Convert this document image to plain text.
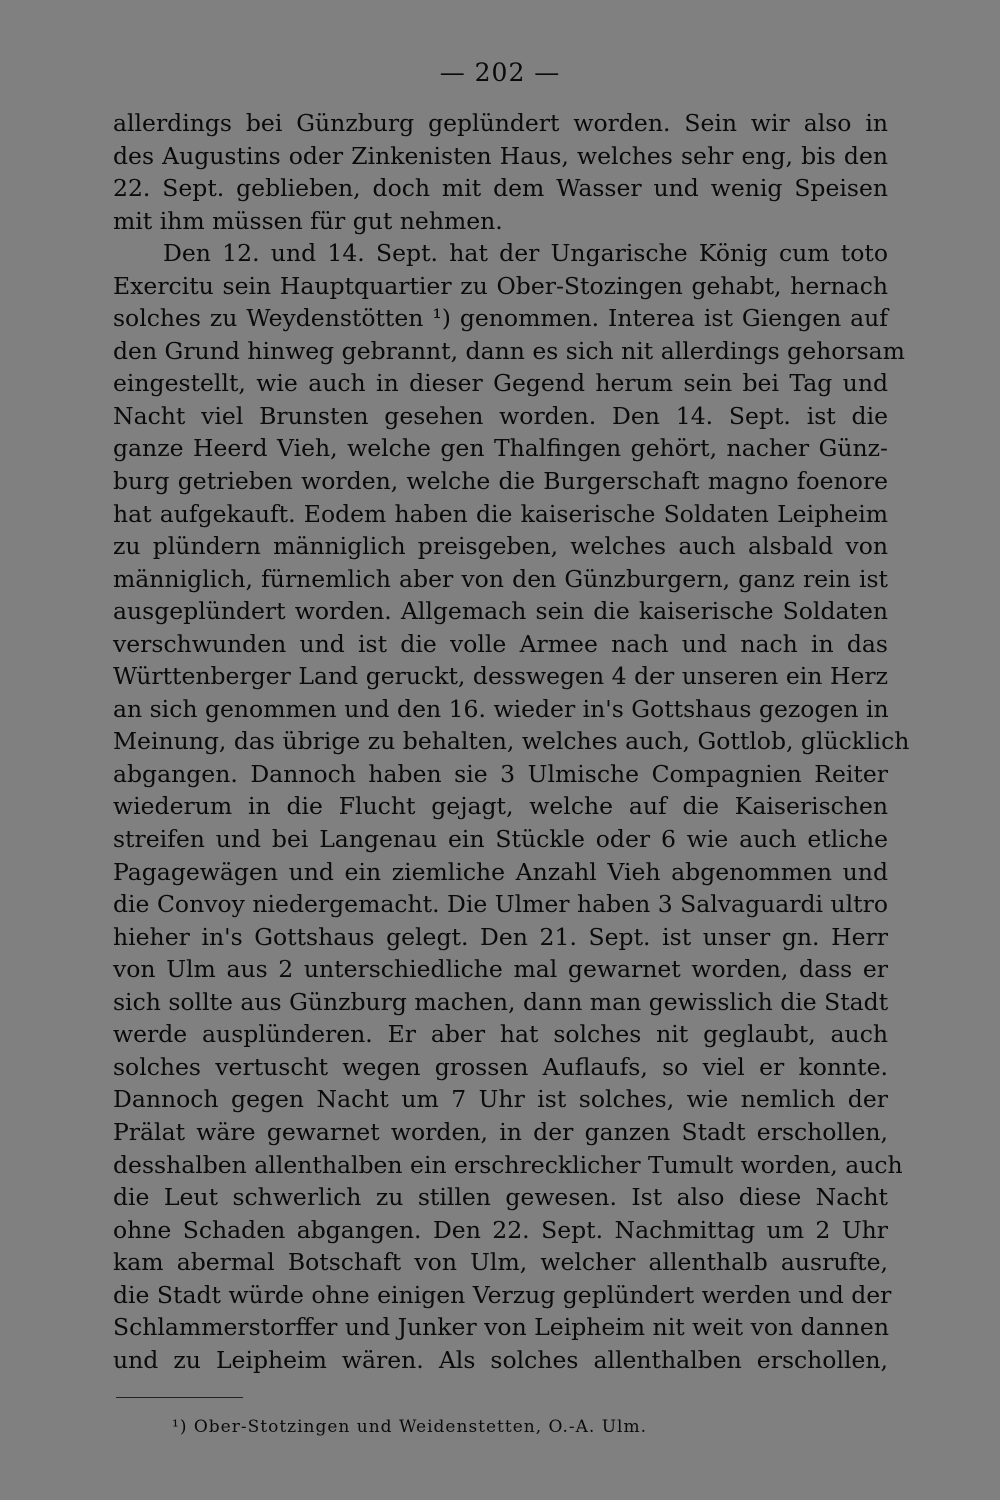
— 202 —
allerdings bei Günzburg geplündert worden. Sein wir also in
des Augustins oder Zinkenisten Haus, welches sehr eng, bis den
22. Sept. geblieben, doch mit dem Wasser und wenig Speisen
mit ihm müssen für gut nehmen.
Den 12. und 14. Sept. hat der Ungarische König cum toto
Exercitu sein Hauptquartier zu Ober-Stozingen gehabt, hernach
solches zu Weydenstötten ¹) genommen. Interea ist Giengen auf
den Grund hinweg gebrannt, dann es sich nit allerdings gehorsam
eingestellt, wie auch in dieser Gegend herum sein bei Tag und
Nacht viel Brunsten gesehen worden. Den 14. Sept. ist die
ganze Heerd Vieh, welche gen Thalfingen gehört, nacher Günz-
burg getrieben worden, welche die Burgerschaft magno foenore
hat aufgekauft. Eodem haben die kaiserische Soldaten Leipheim
zu plündern männiglich preisgeben, welches auch alsbald von
männiglich, fürnemlich aber von den Günzburgern, ganz rein ist
ausgeplündert worden. Allgemach sein die kaiserische Soldaten
verschwunden und ist die volle Armee nach und nach in das
Württenberger Land geruckt, desswegen 4 der unseren ein Herz
an sich genommen und den 16. wieder in's Gottshaus gezogen in
Meinung, das übrige zu behalten, welches auch, Gottlob, glücklich
abgangen. Dannoch haben sie 3 Ulmische Compagnien Reiter
wiederum in die Flucht gejagt, welche auf die Kaiserischen
streifen und bei Langenau ein Stückle oder 6 wie auch etliche
Pagagewägen und ein ziemliche Anzahl Vieh abgenommen und
die Convoy niedergemacht. Die Ulmer haben 3 Salvaguardi ultro
hieher in's Gottshaus gelegt. Den 21. Sept. ist unser gn. Herr
von Ulm aus 2 unterschiedliche mal gewarnet worden, dass er
sich sollte aus Günzburg machen, dann man gewisslich die Stadt
werde ausplünderen. Er aber hat solches nit geglaubt, auch
solches vertuscht wegen grossen Auflaufs, so viel er konnte.
Dannoch gegen Nacht um 7 Uhr ist solches, wie nemlich der
Prälat wäre gewarnet worden, in der ganzen Stadt erschollen,
desshalben allenthalben ein erschrecklicher Tumult worden, auch
die Leut schwerlich zu stillen gewesen. Ist also diese Nacht
ohne Schaden abgangen. Den 22. Sept. Nachmittag um 2 Uhr
kam abermal Botschaft von Ulm, welcher allenthalb ausrufte,
die Stadt würde ohne einigen Verzug geplündert werden und der
Schlammerstorffer und Junker von Leipheim nit weit von dannen
und zu Leipheim wären. Als solches allenthalben erschollen,
¹) Ober-Stotzingen und Weidenstetten, O.-A. Ulm.
